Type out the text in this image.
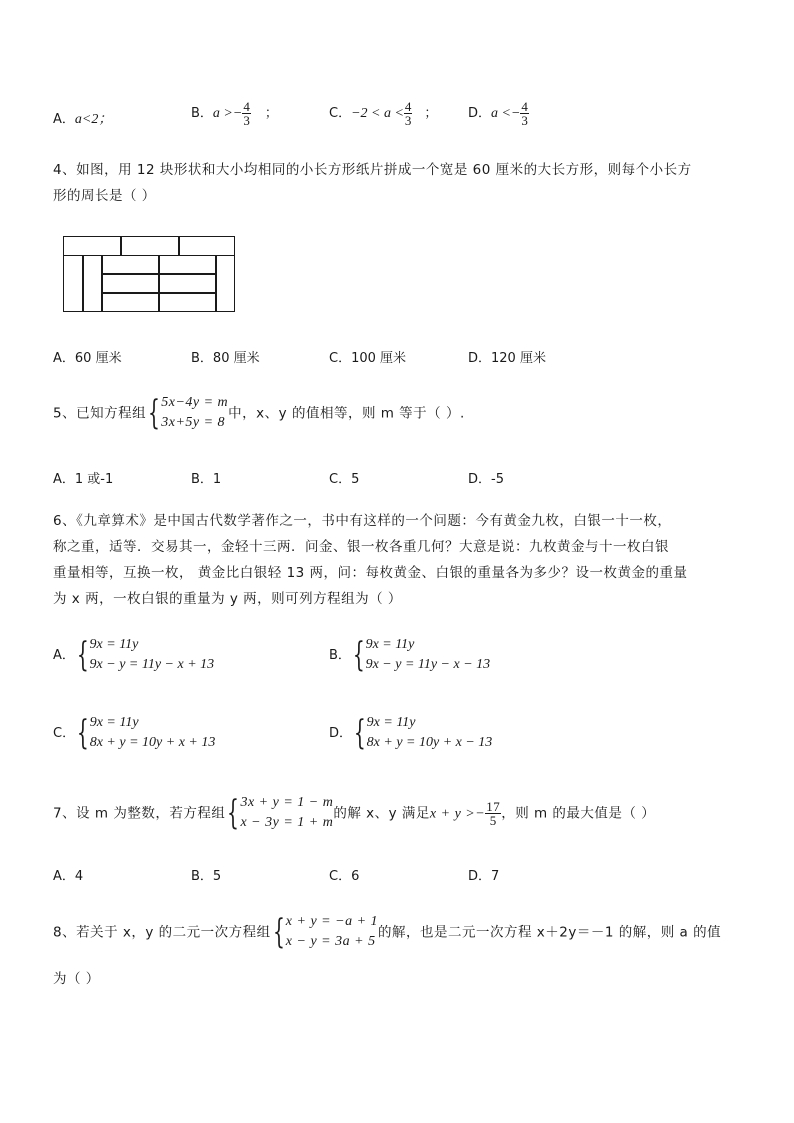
A．a<2；	B．$a >- \frac{4}{3}$ ；	C．$-2 < a < \frac{4}{3}$ ； D．$a <- \frac{4}{3}$
4、如图，用 12 块形状和大小均相同的小长方形纸片拼成一个宽是 60 厘米的大长方形，则每个小长方
形的周长是（ ）
A．60 厘米	B．80 厘米	C．100 厘米	D．120 厘米
5、已知方程组 { 5x−4y = m
3x+5y = 8
中，x、y 的值相等，则 m 等于（ ）.
A．1 或-1	B．1	C．5	D．-5
6、《九章算术》是中国古代数学著作之一，书中有这样的一个问题：今有黄金九枚，白银一十一枚，
称之重，适等．交易其一，金轻十三两．问金、银一枚各重几何？大意是说：九枚黄金与十一枚白银
重量相等，互换一枚， 黄金比白银轻 13 两，问：每枚黄金、白银的重量各为多少？设一枚黄金的重量
为 x 两，一枚白银的重量为 y 两，则可列方程组为（ ）
A． { 9x = 11y
9x − y = 11y − x + 13
B． { 9x = 11y
9x − y = 11y − x − 13
C． { 9x = 11y
8x + y = 10y + x + 13
D． { 9x = 11y
8x + y = 10y + x − 13
7、设 m 为整数，若方程组 { 3x + y = 1 − m
x − 3y = 1 + m
的解 x、y 满足$x + y >- \frac{17}{5}$ ，则 m 的最大值是（ ）
A．4	B．5	C．6	D．7
8、若关于 x，y 的二元一次方程组 { x + y = −a + 1
x − y = 3a + 5
的解，也是二元一次方程 x＋2y＝－1 的解，则 a 的值
为（ ）
